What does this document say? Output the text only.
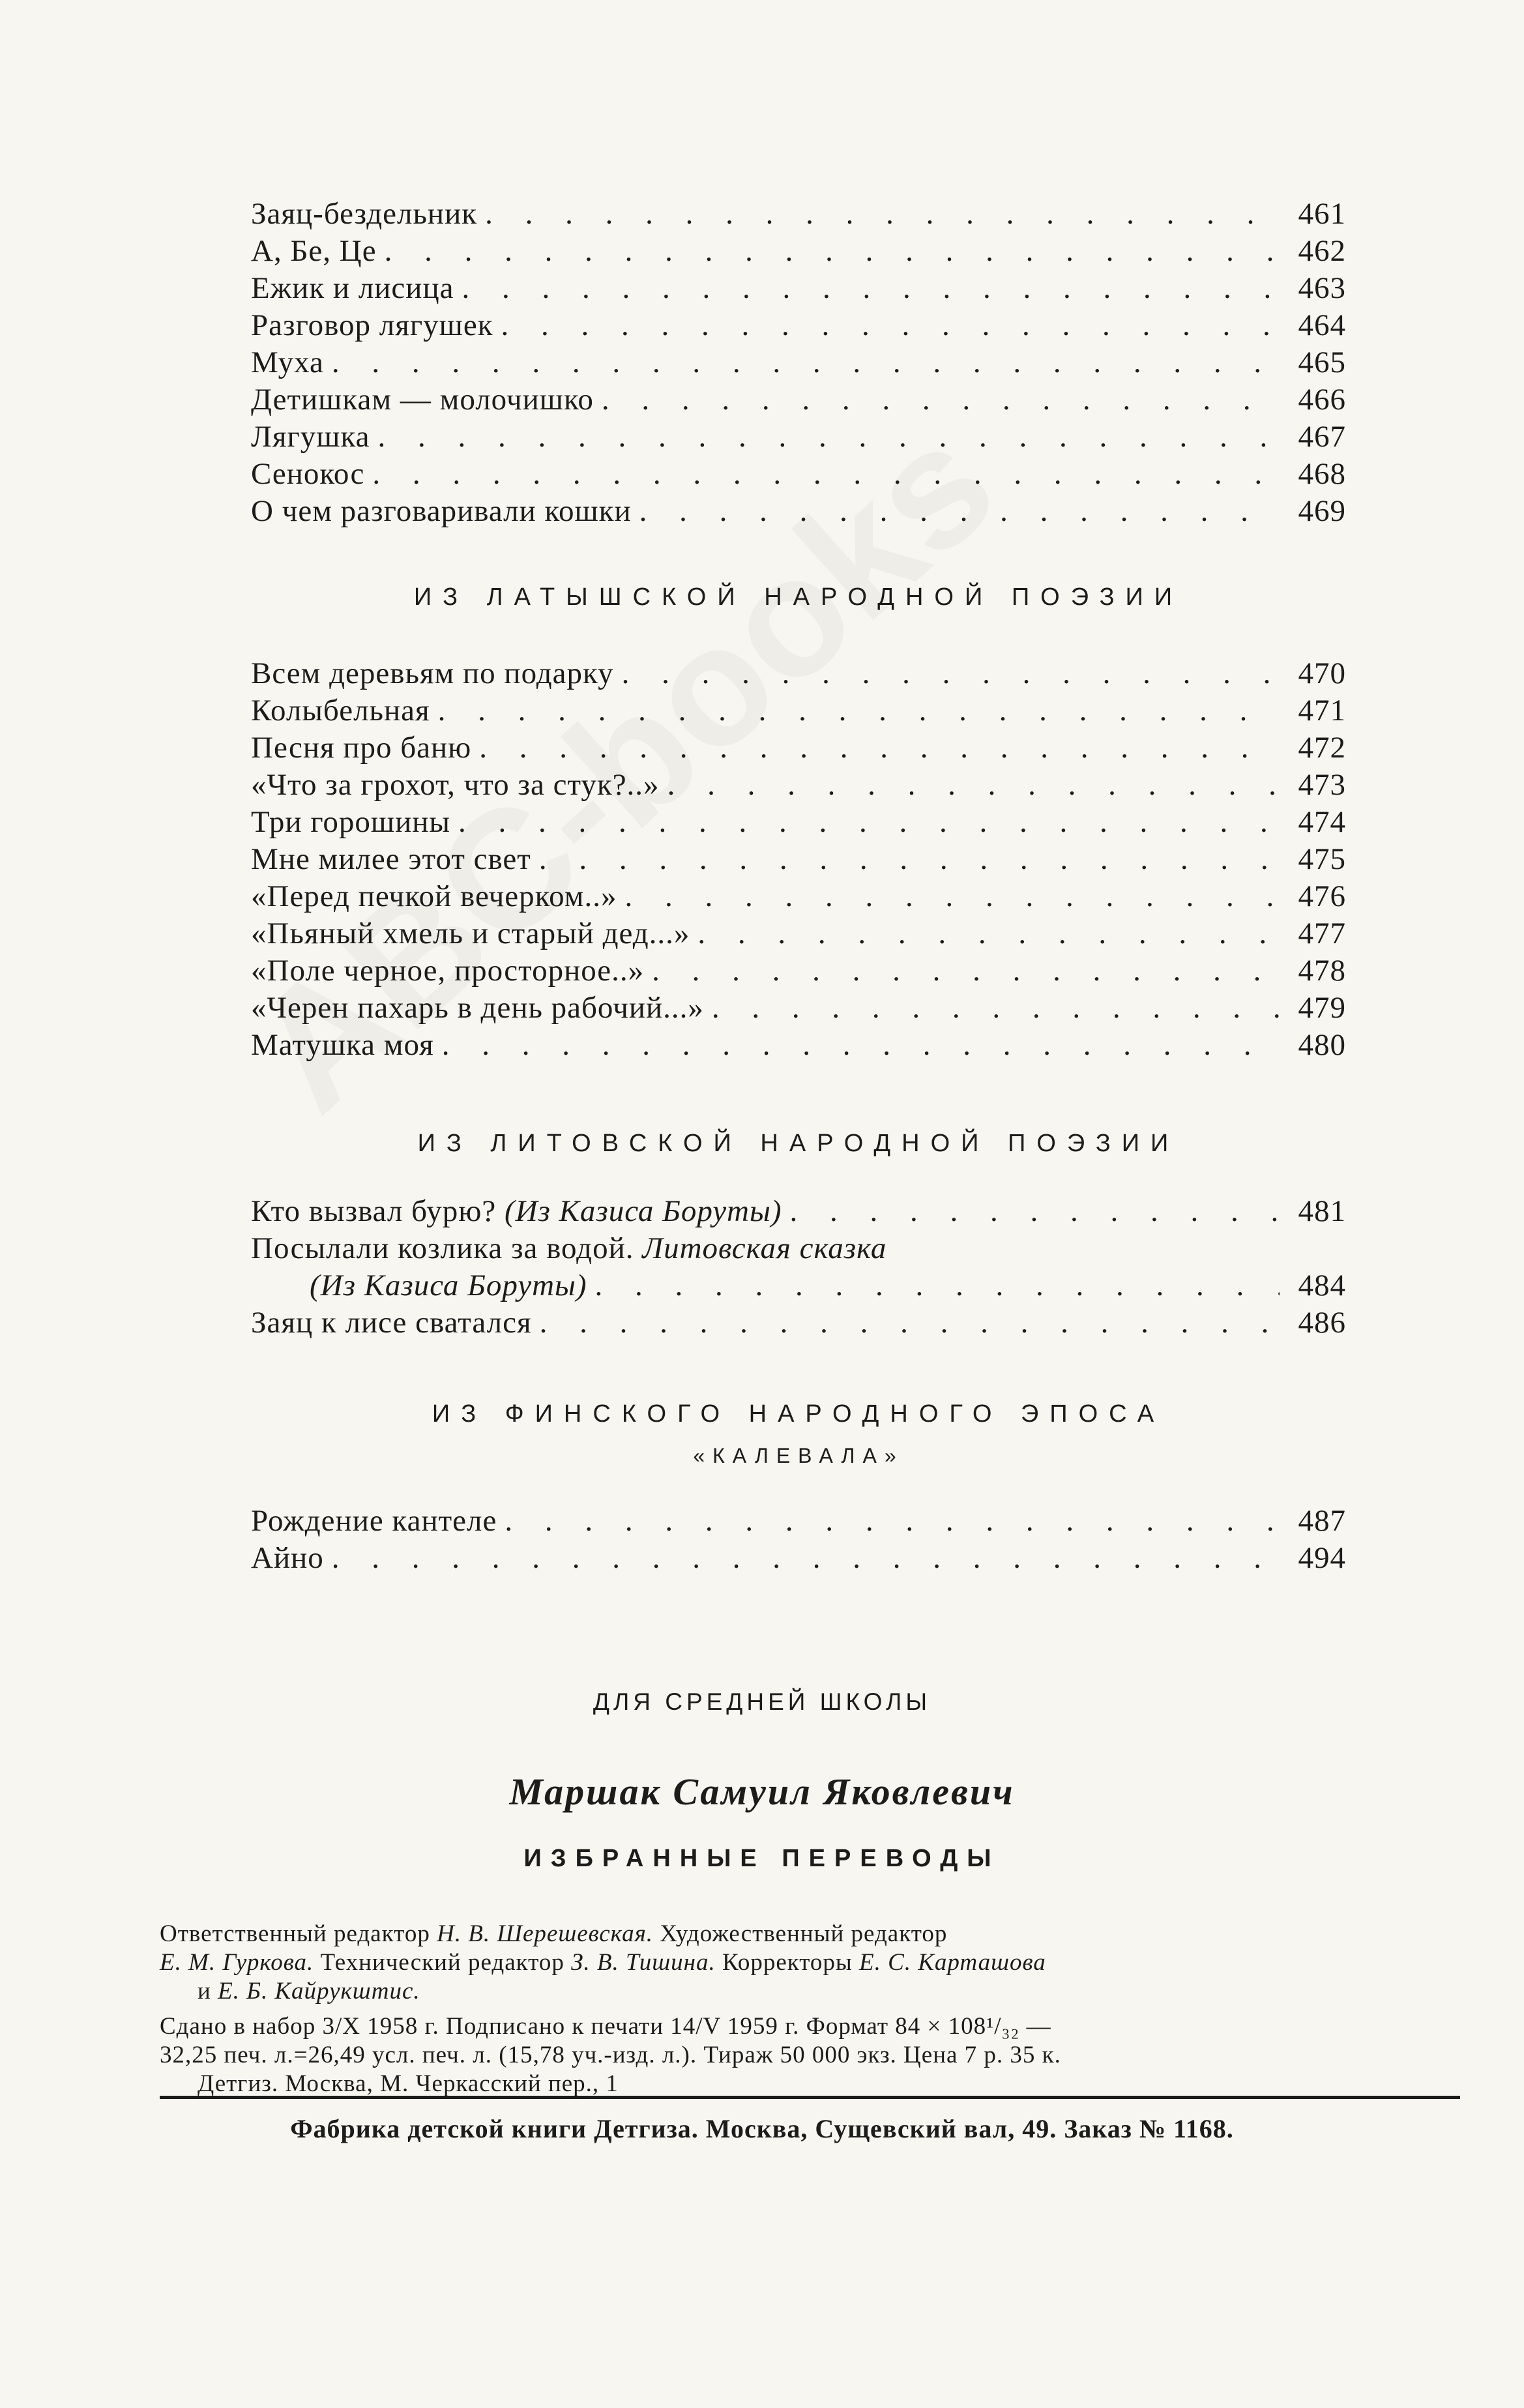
Заяц-бездельник . . .	461
А, Бе, Це . . .	462
Ежик и лисица . . .	463
Разговор лягушек . . .	464
Муха . . .	465
Детишкам — молочишко . . .	466
Лягушка . . .	467
Сенокос . . .	468
О чем разговаривали кошки . . .	469
ИЗ ЛАТЫШСКОЙ НАРОДНОЙ ПОЭЗИИ
Всем деревьям по подарку . . .	470
Колыбельная . . .	471
Песня про баню . . .	472
«Что за грохот, что за стук?..» . . .	473
Три горошины . . .	474
Мне милее этот свет . . .	475
«Перед печкой вечерком..» . . .	476
«Пьяный хмель и старый дед...» . . .	477
«Поле черное, просторное..» . . .	478
«Черен пахарь в день рабочий...» . . .	479
Матушка моя . . .	480
ИЗ ЛИТОВСКОЙ НАРОДНОЙ ПОЭЗИИ
Кто вызвал бурю? (Из Казиса Боруты) . . .	481
Посылали козлика за водой. Литовская сказка
(Из Казиса Боруты) . . .	484
Заяц к лисе сватался . . .	486
ИЗ ФИНСКОГО НАРОДНОГО ЭПОСА
«КАЛЕВАЛА»
Рождение кантеле . . .	487
Айно . . .	494
ДЛЯ СРЕДНЕЙ ШКОЛЫ
Маршак Самуил Яковлевич
ИЗБРАННЫЕ ПЕРЕВОДЫ
Ответственный редактор Н. В. Шерешевская. Художественный редактор
Е. М. Гуркова. Технический редактор З. В. Тишина. Корректоры Е. С. Карташова
и Е. Б. Кайрукштис.
Сдано в набор 3/X 1958 г. Подписано к печати 14/V 1959 г. Формат 84 × 108¹/₃₂ —
32,25 печ. л.=26,49 усл. печ. л. (15,78 уч.-изд. л.). Тираж 50 000 экз. Цена 7 р. 35 к.
Детгиз. Москва, М. Черкасский пер., 1
Фабрика детской книги Детгиза. Москва, Сущевский вал, 49. Заказ № 1168.
